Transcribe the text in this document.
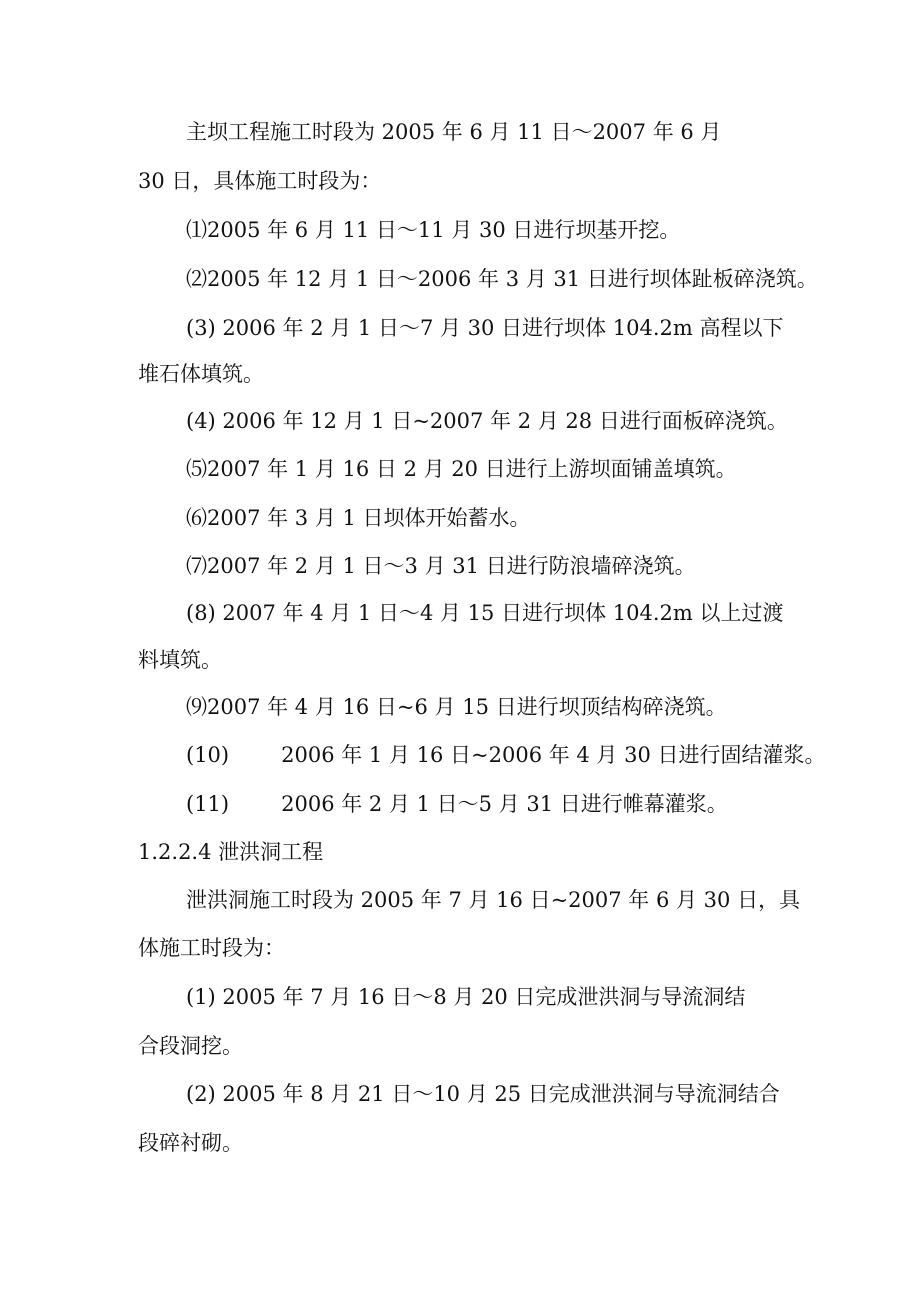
主坝工程施工时段为 2005 年 6 月 11 日～2007 年 6 月
30 日，具体施工时段为：
⑴2005 年 6 月 11 日～11 月 30 日进行坝基开挖。
⑵2005 年 12 月 1 日～2006 年 3 月 31 日进行坝体趾板碎浇筑。
(3) 2006 年 2 月 1 日～7 月 30 日进行坝体 104.2m 高程以下
堆石体填筑。
(4) 2006 年 12 月 1 日~2007 年 2 月 28 日进行面板碎浇筑。
⑸2007 年 1 月 16 日 2 月 20 日进行上游坝面铺盖填筑。
⑹2007 年 3 月 1 日坝体开始蓄水。
⑺2007 年 2 月 1 日～3 月 31 日进行防浪墙碎浇筑。
(8) 2007 年 4 月 1 日～4 月 15 日进行坝体 104.2m 以上过渡
料填筑。
⑼2007 年 4 月 16 日~6 月 15 日进行坝顶结构碎浇筑。
(10) 2006 年 1 月 16 日~2006 年 4 月 30 日进行固结灌浆。
(11) 2006 年 2 月 1 日～5 月 31 日进行帷幕灌浆。
1.2.2.4 泄洪洞工程
泄洪洞施工时段为 2005 年 7 月 16 日~2007 年 6 月 30 日，具
体施工时段为：
(1) 2005 年 7 月 16 日～8 月 20 日完成泄洪洞与导流洞结
合段洞挖。
(2) 2005 年 8 月 21 日～10 月 25 日完成泄洪洞与导流洞结合
段碎衬砌。
